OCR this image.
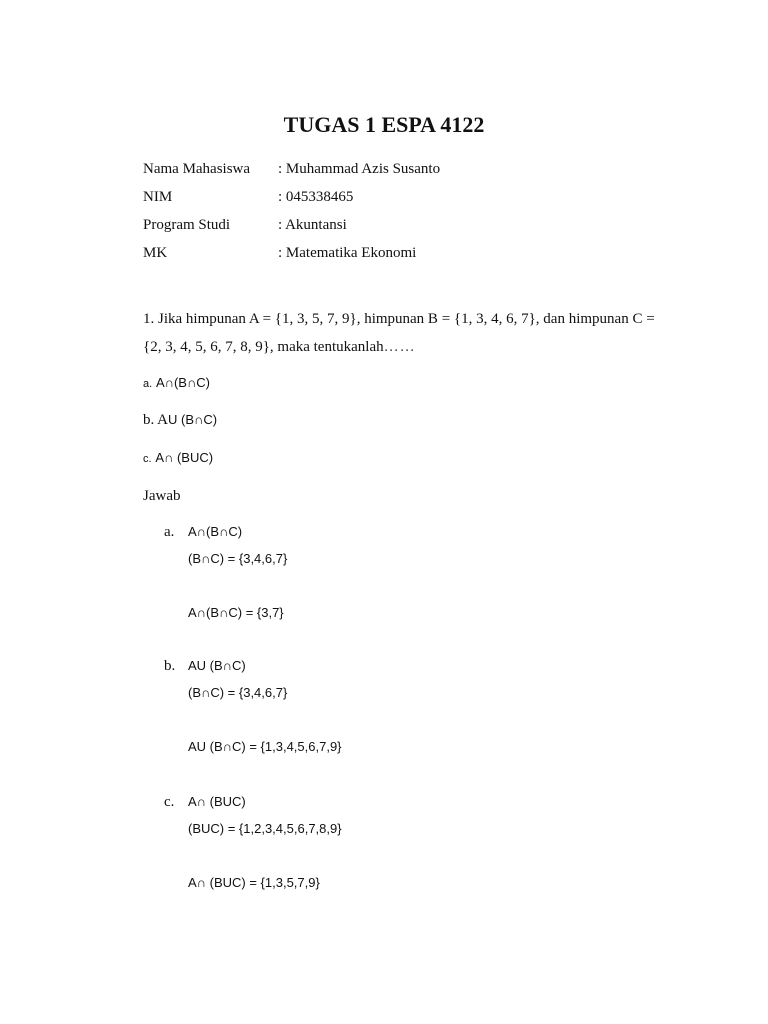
TUGAS 1 ESPA 4122
Nama Mahasiswa : Muhammad Azis Susanto
NIM	: 045338465
Program Studi	: Akuntansi
MK	: Matematika Ekonomi
1. Jika himpunan A = {1, 3, 5, 7, 9}, himpunan B = {1, 3, 4, 6, 7}, dan himpunan C =
{2, 3, 4, 5, 6, 7, 8, 9}, maka tentukanlah……
a. A∩(B∩C)
b. AU (B∩C)
c. A∩ (BUC)
Jawab
a. A∩(B∩C)
(B∩C) = {3,4,6,7}
A∩(B∩C) = {3,7}
b. AU (B∩C)
(B∩C) = {3,4,6,7}
AU (B∩C) = {1,3,4,5,6,7,9}
c. A∩ (BUC)
(BUC) = {1,2,3,4,5,6,7,8,9}
A∩ (BUC) = {1,3,5,7,9}
